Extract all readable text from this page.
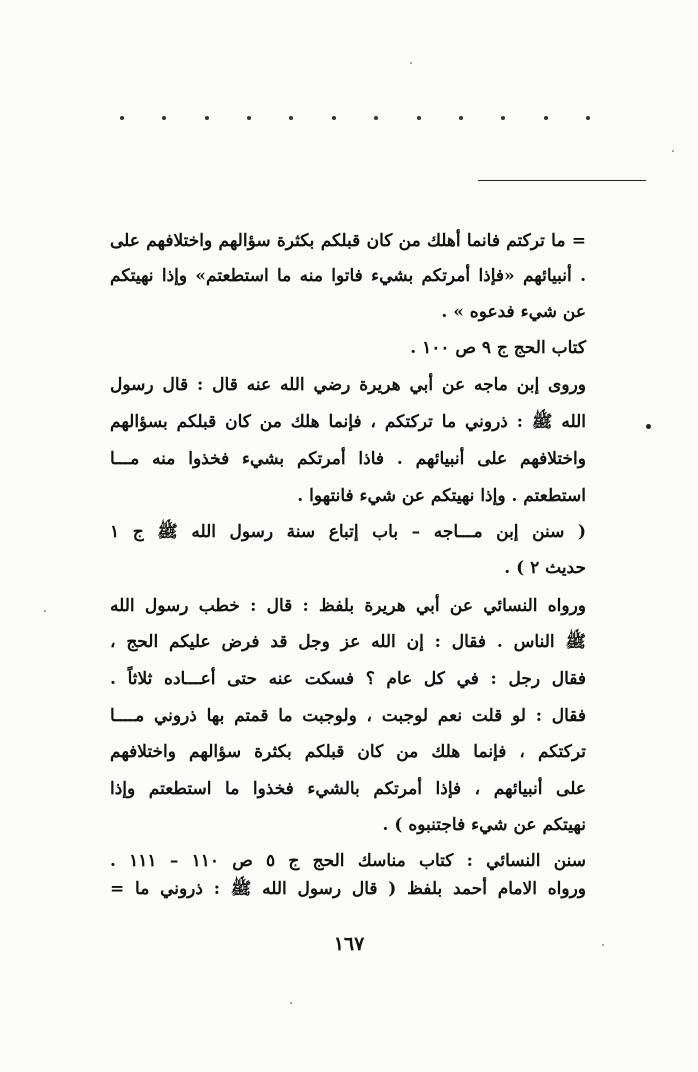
= ما تركتم فانما أهلك من كان قبلكم بكثرة سؤالهم واختلافهم على
. أنبيائهم «فإذا أمرتكم بشيء فاتوا منه ما استطعتم» وإذا نهيتكم
عن شيء فدعوه » .
كتاب الحج ج ٩ ص ١٠٠ .
وروى إبن ماجه عن أبي هريرة رضي الله عنه قال : قال رسول
الله ﷺ : ذروني ما تركتكم ، فإنما هلك من كان قبلكم بسؤالهم
واختلافهم على أنبيائهم . فاذا أمرتكم بشيء فخذوا منه مـــا
استطعتم . وإذا نهيتكم عن شيء فانتهوا .
( سنن إبن مـــاجه – باب إتباع سنة رسول الله ﷺ ج ١
حديث ٢ ) .
ورواه النسائي عن أبي هريرة بلفظ : قال : خطب رسول الله
ﷺ الناس . فقال : إن الله عز وجل قد فرض عليكم الحج ،
فقال رجل : في كل عام ؟ فسكت عنه حتى أعـــاده ثلاثاً .
فقال : لو قلت نعم لوجبت ، ولوجبت ما قمتم بها ذروني مــــا
تركتكم ، فإنما هلك من كان قبلكم بكثرة سؤالهم واختلافهم
على أنبيائهم ، فإذا أمرتكم بالشيء فخذوا ما استطعتم وإذا
نهيتكم عن شيء فاجتنبوه ) .
سنن النسائي : كتاب مناسك الحج ج ٥ ص ١١٠ – ١١١ .
ورواه الامام أحمد بلفظ ( قال رسول الله ﷺ : ذروني ما =
١٦٧
